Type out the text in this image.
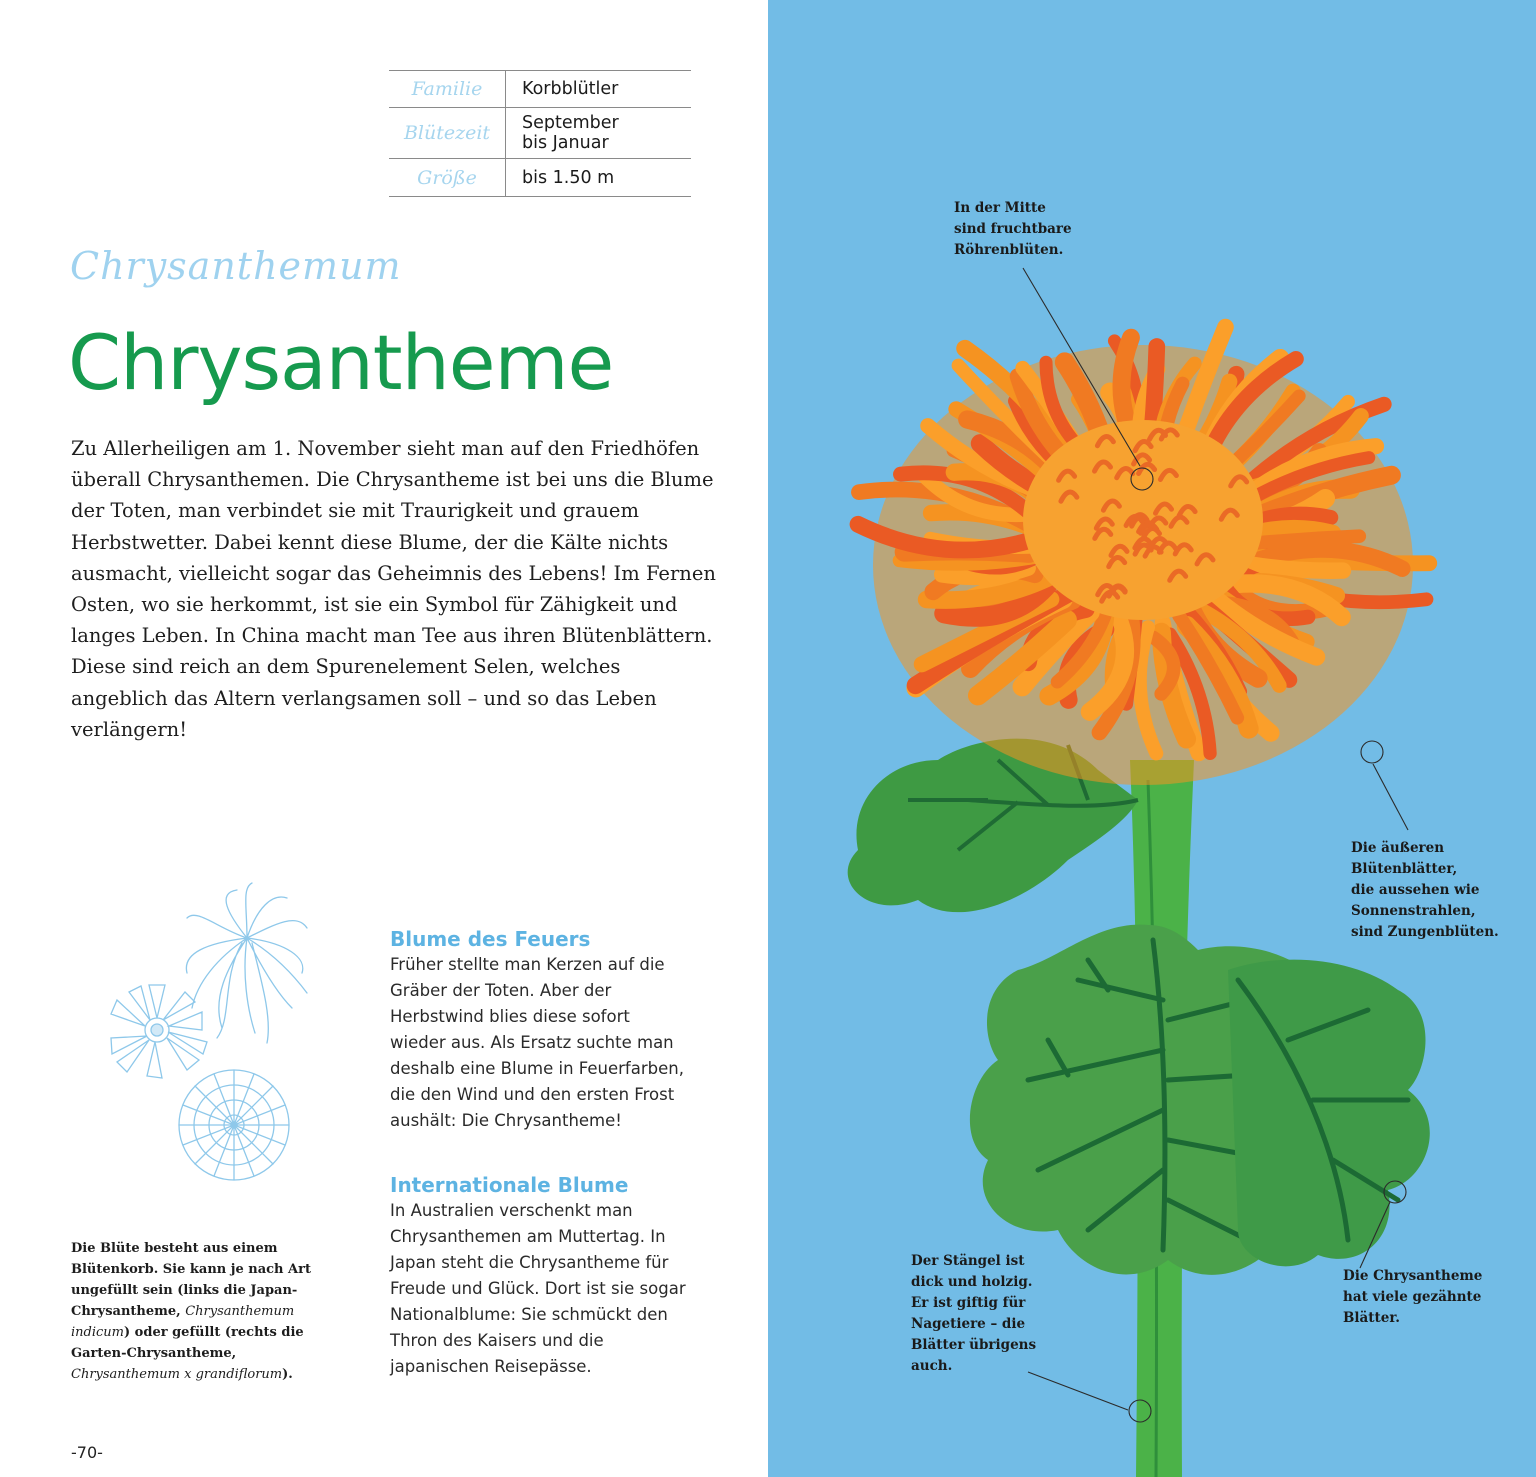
Familie	Korbblütler

Blütezeit	September
bis Januar

Größe	bis 1.50 m
Chrysanthemum
Chrysantheme

Zu Allerheiligen am 1. November sieht man auf den Friedhöfen überall Chrysanthemen. Die Chrysantheme ist bei uns die Blume der Toten, man verbindet sie mit Traurigkeit und grauem Herbstwetter. Dabei kennt diese Blume, der die Kälte nichts ausmacht, vielleicht sogar das Geheimnis des Lebens! Im Fernen Osten, wo sie herkommt, ist sie ein Symbol für Zähigkeit und langes Leben. In China macht man Tee aus ihren Blütenblättern. Diese sind reich an dem Spurenelement Selen, welches angeblich das Altern verlangsamen soll – und so das Leben verlängern!

Die Blüte besteht aus einem Blütenkorb. Sie kann je nach Art ungefüllt sein (links die Japan-Chrysantheme, Chrysanthemum indicum) oder gefüllt (rechts die Garten-Chrysantheme, Chrysanthemum x grandiflorum).

Blume des Feuers

Früher stellte man Kerzen auf die Gräber der Toten. Aber der Herbstwind blies diese sofort wieder aus. Als Ersatz suchte man deshalb eine Blume in Feuerfarben, die den Wind und den ersten Frost aushält: Die Chrysantheme!

Internationale Blume

In Australien verschenkt man Chrysanthemen am Muttertag. In Japan steht die Chrysantheme für Freude und Glück. Dort ist sie sogar Nationalblume: Sie schmückt den Thron des Kaisers und die japanischen Reisepässe.

-70-

In der Mitte
sind fruchtbare
Röhrenblüten.

Die äußeren
Blütenblätter,
die aussehen wie
Sonnenstrahlen,
sind Zungenblüten.

Der Stängel ist
dick und holzig.
Er ist giftig für
Nagetiere – die
Blätter übrigens
auch.

Die Chrysantheme
hat viele gezähnte
Blätter.
